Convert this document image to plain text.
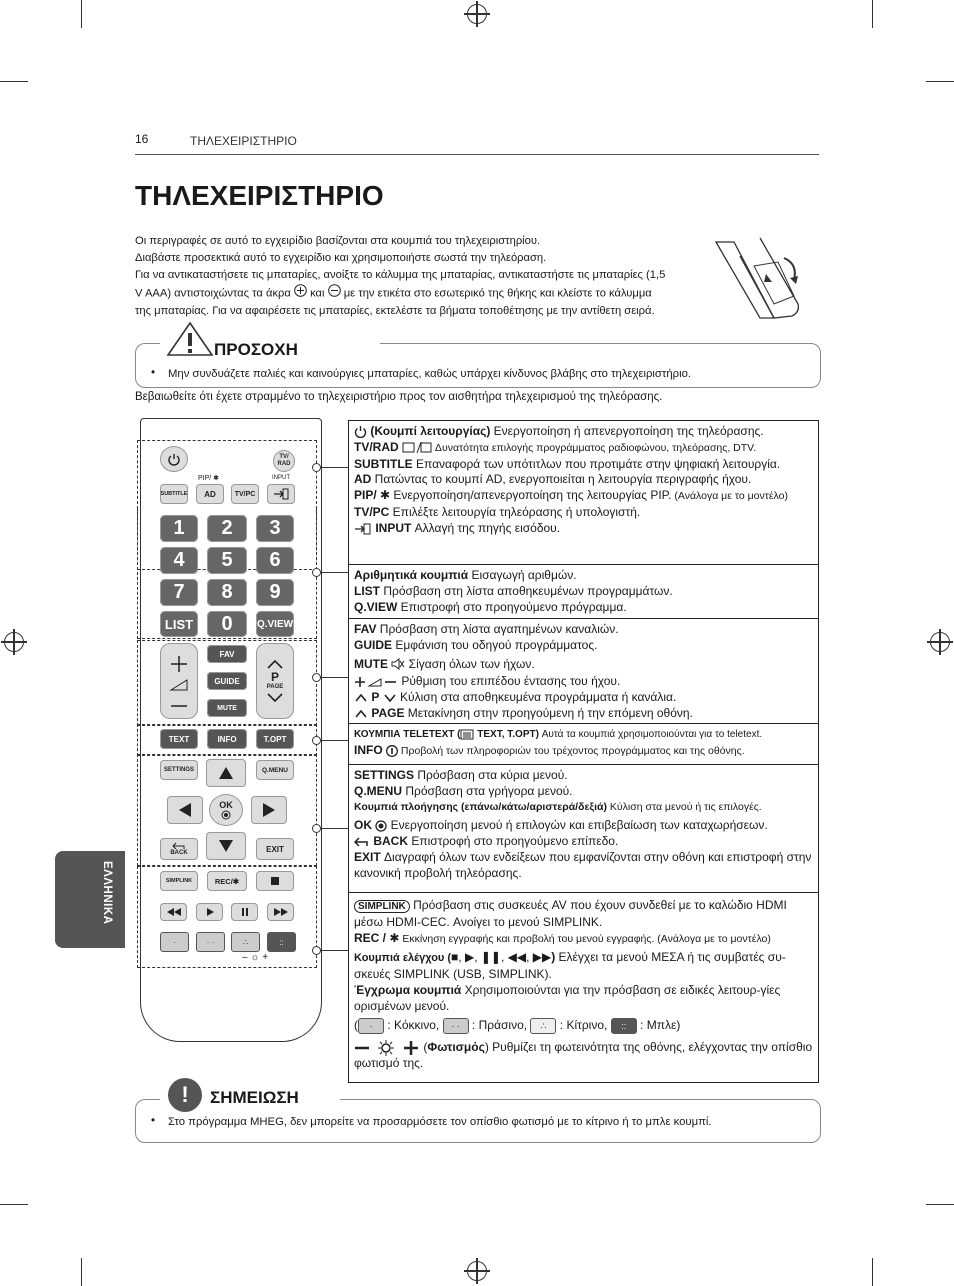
16	ΤΗΛΕΧΕΙΡΙΣΤΗΡΙΟ
ΤΗΛΕΧΕΙΡΙΣΤΗΡΙΟ
ΕΛΛΗΝΙΚΑ

Οι περιγραφές σε αυτό το εγχειρίδιο βασίζονται στα κουμπιά του τηλεχειριστηρίου.

Διαβάστε προσεκτικά αυτό το εγχειρίδιο και χρησιμοποιήστε σωστά την τηλεόραση.

Για να αντικαταστήσετε τις μπαταρίες, ανοίξτε το κάλυμμα της μπαταρίας, αντικαταστήστε τις μπαταρίες (1,5

V AAA) αντιστοιχώντας τα άκρα και με την ετικέτα στο εσωτερικό της θήκης και κλείστε το κάλυμμα

της μπαταρίας. Για να αφαιρέσετε τις μπαταρίες, εκτελέστε τα βήματα τοποθέτησης με την αντίθετη σειρά.

ΠΡΟΣΟΧΗ
• Μην συνδυάζετε παλιές και καινούργιες μπαταρίες, καθώς υπάρχει κίνδυνος βλάβης στο τηλεχειριστήριο.
Βεβαιωθείτε ότι έχετε στραμμένο το τηλεχειριστήριο προς τον αισθητήρα τηλεχειρισμού της τηλεόρασης.
TV/ RAD
PIP/ ✱	INPUT
SUBTITLE	AD	TV/PC
1	2	3
4	5	6
7	8	9
LIST	0	Q.VIEW
FAV
GUIDE
MUTE
P
PAGE
TEXT	INFO	T.OPT
SETTINGS	Q.MENU
OK
BACK	EXIT
SIMPLINK	REC/✱
·	· ·	∴	::
– ☼ +
(Κουμπί λειτουργίας) Ενεργοποίηση ή απενεργοποίηση της τηλεόρασης.
TV/RAD	Δυνατότητα επιλογής προγράμματος ραδιοφώνου, τηλεόρασης, DTV.
SUBTITLE Επαναφορά των υπότιτλων που προτιμάτε στην ψηφιακή λειτουργία.
AD Πατώντας το κουμπί AD, ενεργοποιείται η λειτουργία περιγραφής ήχου.
PIP/ ✱ Ενεργοποίηση/απενεργοποίηση της λειτουργίας PIP. (Ανάλογα με το μοντέλο)
TV/PC Επιλέξτε λειτουργία τηλεόρασης ή υπολογιστή.
INPUT Αλλαγή της πηγής εισόδου.
Αριθμητικά κουμπιά Εισαγωγή αριθμών.
LIST Πρόσβαση στη λίστα αποθηκευμένων προγραμμάτων.
Q.VIEW Επιστροφή στο προηγούμενο πρόγραμμα.
FAV Πρόσβαση στη λίστα αγαπημένων καναλιών.
GUIDE Εμφάνιση του οδηγού προγράμματος.
MUTE  Σίγαση όλων των ήχων.
Ρύθμιση του επιπέδου έντασης του ήχου.
P  Κύλιση στα αποθηκευμένα προγράμματα ή κανάλια.
PAGE Μετακίνηση στην προηγούμενη ή την επόμενη οθόνη.
ΚΟΥΜΠΙΑ TELETEXT ( TEXT, T.OPT) Αυτά τα κουμπιά χρησιμοποιούνται για το teletext.
INFO  Προβολή των πληροφοριών του τρέχοντος προγράμματος και της οθόνης.
SETTINGS Πρόσβαση στα κύρια μενού.
Q.MENU Πρόσβαση στα γρήγορα μενού.
Κουμπιά πλοήγησης (επάνω/κάτω/αριστερά/δεξιά) Κύλιση στα μενού ή τις επιλογές.
OK  Ενεργοποίηση μενού ή επιλογών και επιβεβαίωση των καταχωρήσεων.
BACK Επιστροφή στο προηγούμενο επίπεδο.
EXIT Διαγραφή όλων των ενδείξεων που εμφανίζονται στην οθόνη και επιστροφή στην κανονική προβολή τηλεόρασης.
SIMPLINK Πρόσβαση στις συσκευές AV που έχουν συνδεθεί με το καλώδιο HDMI μέσω HDMI-CEC. Ανοίγει το μενού SIMPLINK.
REC / ✱ Εκκίνηση εγγραφής και προβολή του μενού εγγραφής. (Ανάλογα με το μοντέλο)
Κουμπιά ελέγχου (■, ▶, ❚❚, ◀◀, ▶▶) Ελέγχει τα μενού ΜΕΣΑ ή τις συμβατές συ-σκευές SIMPLINK (USB, SIMPLINK).
Έγχρωμα κουμπιά Χρησιμοποιούνται για την πρόσβαση σε ειδικές λειτουρ-γίες ορισμένων μενού.
( · : Κόκκινο, · · : Πράσινο, ∴ : Κίτρινο, :: : Μπλε)
(Φωτισμός) Ρυθμίζει τη φωτεινότητα της οθόνης, ελέγχοντας την οπίσθιο φωτισμό της.
!	ΣΗΜΕΙΩΣΗ
• Στο πρόγραμμα MHEG, δεν μπορείτε να προσαρμόσετε τον οπίσθιο φωτισμό με το κίτρινο ή το μπλε κουμπί.
